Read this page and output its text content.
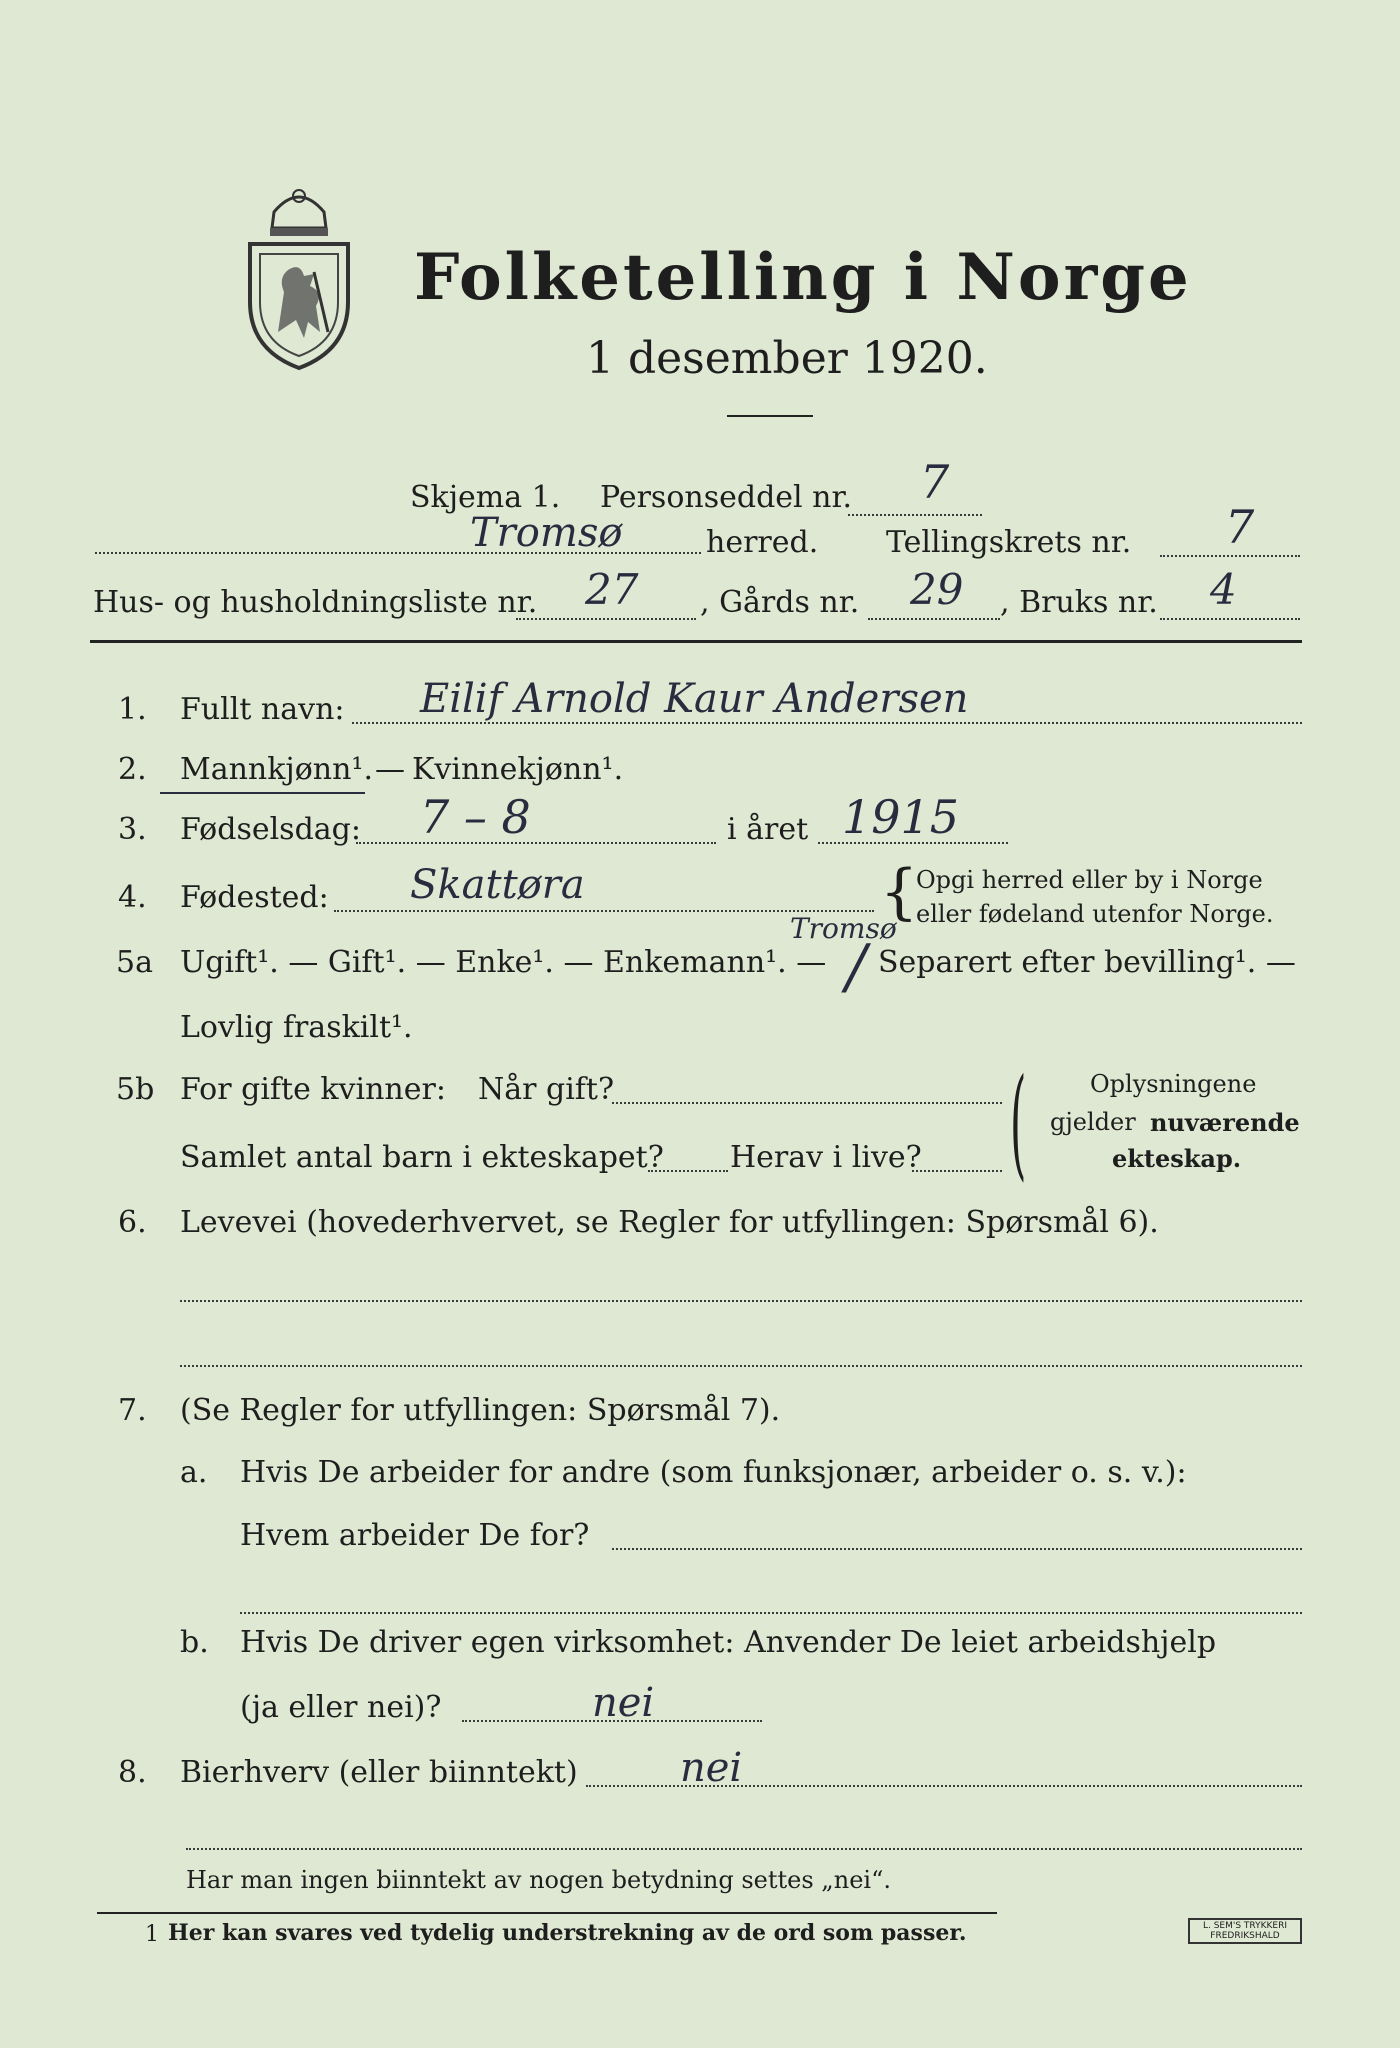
Folketelling i Norge
1 desember 1920.
Skjema 1. Personseddel nr. 7
Tromsø	herred. Tellingskrets nr. 7
Hus- og husholdningsliste nr. 27 , Gårds nr. 29 , Bruks nr. 4
1. Fullt navn: Eilif Arnold Kaur Andersen
2. Mannkjønn¹. — Kvinnekjønn¹.
3. Fødselsdag: 7 – 8	i året 1915
4. Fødested: Skattøra	{
Opgi herred eller by i Norge
eller fødeland utenfor Norge.
Tromsø
5a Ugift¹. — Gift¹. — Enke¹. — Enkemann¹. — / Separert efter bevilling¹. —
Lovlig fraskilt¹.
5b For gifte kvinner: Når gift?
Samlet antal barn i ekteskapet? Herav i live? (	Oplysningene
gjelder nuværende
ekteskap.
6. Levevei (hovederhvervet, se Regler for utfyllingen: Spørsmål 6).
7. (Se Regler for utfyllingen: Spørsmål 7).
a. Hvis De arbeider for andre (som funksjonær, arbeider o. s. v.):
Hvem arbeider De for?
b. Hvis De driver egen virksomhet: Anvender De leiet arbeidshjelp
(ja eller nei)?	nei
8. Bierhverv (eller biinntekt)	nei
Har man ingen biinntekt av nogen betydning settes „nei“.
1 Her kan svares ved tydelig understrekning av de ord som passer.	L. SEM'S TRYKKERI FREDRIKSHALD
